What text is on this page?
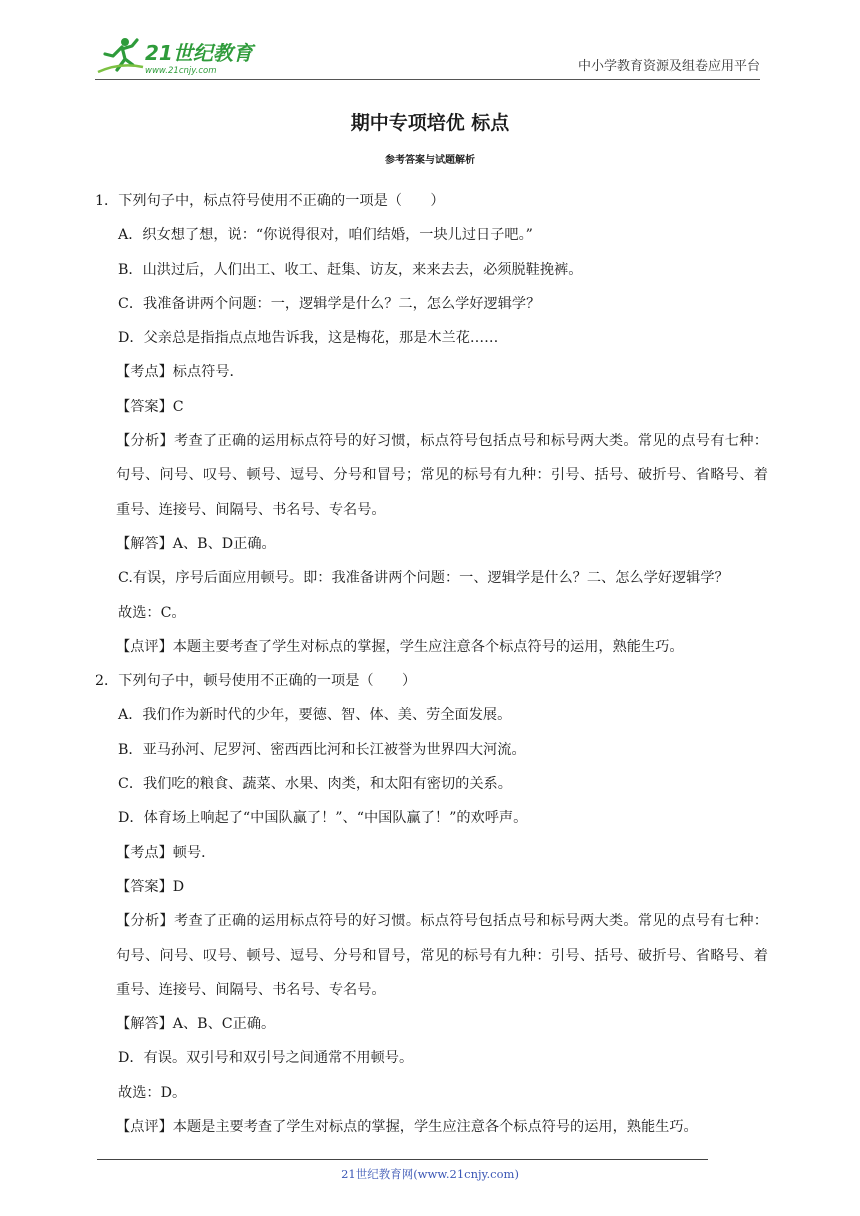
21世纪教育
www.21cnjy.com	中小学教育资源及组卷应用平台
期中专项培优 标点
参考答案与试题解析
1．下列句子中，标点符号使用不正确的一项是（　　）
A．织女想了想，说：“你说得很对，咱们结婚，一块儿过日子吧。”
B．山洪过后，人们出工、收工、赶集、访友，来来去去，必须脱鞋挽裤。
C．我准备讲两个问题：一，逻辑学是什么？二，怎么学好逻辑学？
D．父亲总是指指点点地告诉我，这是梅花，那是木兰花……
【考点】标点符号．
【答案】C
【分析】考查了正确的运用标点符号的好习惯，标点符号包括点号和标号两大类。常见的点号有七种：句号、问号、叹号、顿号、逗号、分号和冒号；常见的标号有九种：引号、括号、破折号、省略号、着重号、连接号、间隔号、书名号、专名号。
【解答】A、B、D正确。
C.有误，序号后面应用顿号。即：我准备讲两个问题：一、逻辑学是什么？二、怎么学好逻辑学？
故选：C。
【点评】本题主要考查了学生对标点的掌握，学生应注意各个标点符号的运用，熟能生巧。
2．下列句子中，顿号使用不正确的一项是（　　）
A．我们作为新时代的少年，要德、智、体、美、劳全面发展。
B．亚马孙河、尼罗河、密西西比河和长江被誉为世界四大河流。
C．我们吃的粮食、蔬菜、水果、肉类，和太阳有密切的关系。
D．体育场上响起了“中国队赢了！”、“中国队赢了！”的欢呼声。
【考点】顿号．
【答案】D
【分析】考查了正确的运用标点符号的好习惯。标点符号包括点号和标号两大类。常见的点号有七种：句号、问号、叹号、顿号、逗号、分号和冒号，常见的标号有九种：引号、括号、破折号、省略号、着重号、连接号、间隔号、书名号、专名号。
【解答】A、B、C正确。
D．有误。双引号和双引号之间通常不用顿号。
故选：D。
【点评】本题是主要考查了学生对标点的掌握，学生应注意各个标点符号的运用，熟能生巧。
21世纪教育网(www.21cnjy.com)
